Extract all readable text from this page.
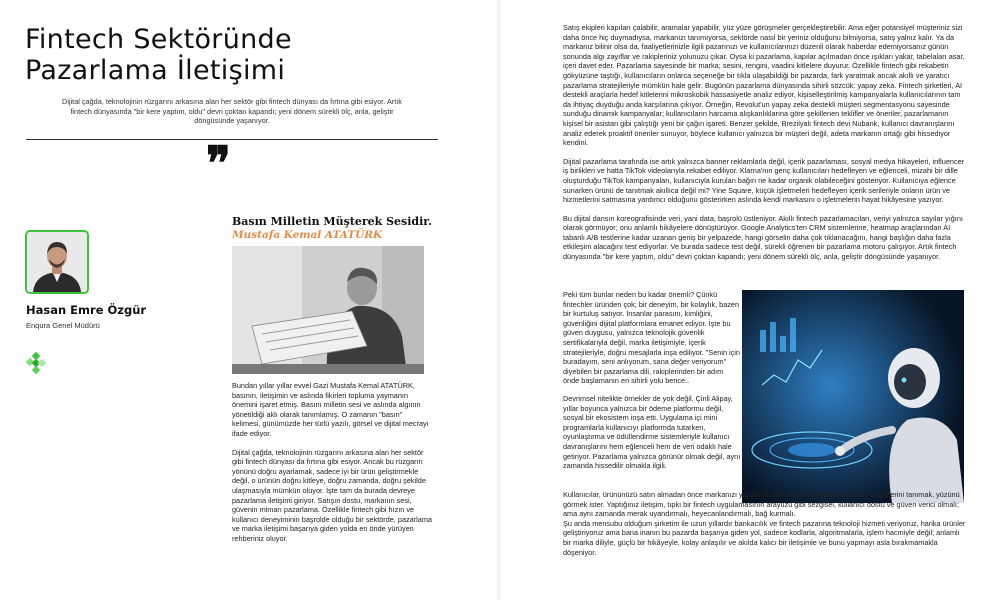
Fintech Sektöründe
Pazarlama İletişimi

Dijital çağda, teknolojinin rüzgarını arkasına alan her sektör gibi fintech dünyası da fırtına gibi esiyor. Artık fintech dünyasında "bir kere yaptım, oldu" devri çoktan kapandı; yeni dönem sürekli ölç, anla, geliştir döngüsünde yaşanıyor.

❞

Hasan Emre Özgür

Enqura Genel Müdürü

Basın Milletin Müşterek Sesidir.

Mustafa Kemal ATATÜRK

Bundan yıllar yıllar evvel Gazi Mustafa Kemal ATATÜRK, basının, iletişimin ve aslında fikirleri topluma yaymanın önemini işaret etmiş. Basını milletin sesi ve aslında algının yönetildiği aklı olarak tanımlamış. O zamanın "basın" kelimesi, günümüzde her türlü yazılı, görsel ve dijital mecrayı ifade ediyor.

Dijital çağda, teknolojinin rüzgarını arkasına alan her sektör gibi fintech dünyası da fırtına gibi esiyor. Ancak bu rüzgarın yönünü doğru ayarlamak, sadece iyi bir ürün geliştirmekle değil, o ürünün doğru kitleye, doğru zamanda, doğru şekilde ulaşmasıyla mümkün oluyor. İşte tam da burada devreye pazarlama iletişimi giriyor. Satışın dostu, markanın sesi, güvenin mimarı pazarlama. Özellikle fintech gibi hızın ve kullanıcı deneyiminin başrolde olduğu bir sektörde, pazarlama ve marka iletişimi başarıya giden yolda en önde yürüyen rehberiniz oluyor.

Satış ekipleri kapıları çalabilir, aramalar yapabilir, yüz yüze görüşmeler gerçekleştirebilir. Ama eğer potansiyel müşteriniz sizi daha önce hiç duymadıysa, markanızı tanımıyorsa, sektörde nasıl bir yeriniz olduğunu bilmiyorsa, satış yalnız kalır. Ya da markanız bilinir olsa da, faaliyetlerinizle ilgili pazarınızı ve kullanıcılarınızı düzenli olarak haberdar edemiyorsanız günün sonunda algı zayıflar ve rakipleriniz yolunuzu çıkar. Oysa ki pazarlama, kapılar açılmadan önce ışıkları yakar, tabelaları asar, içeri davet eder. Pazarlama sayesinde bir marka; sesini, rengini, vaadini kitlelere duyurur. Özellikle fintech gibi rekabetin gökyüzüne taştığı, kullanıcıların onlarca seçeneğe bir tıkla ulaşabildiği bir pazarda, fark yaratmak ancak akıllı ve yaratıcı pazarlama stratejileriyle mümkün hale gelir. Bugünün pazarlama dünyasında sihirli sözcük: yapay zeka. Fintech şirketleri, AI destekli araçlarla hedef kitlelerini mikroskobik hassasiyetle analiz ediyor, kişiselleştirilmiş kampanyalarla kullanıcılarının tam da ihtiyaç duyduğu anda karşılarına çıkıyor. Örneğin, Revolut'un yapay zeka destekli müşteri segmentasyonu sayesinde sunduğu dinamik kampanyalar; kullanıcıların harcama alışkanlıklarına göre şekillenen teklifler ve öneriler, pazarlamanın kişisel bir asistan gibi çalıştığı yeni bir çağın işareti. Benzer şekilde, Brezilyalı fintech devi Nubank, kullanıcı davranışlarını analiz ederek proaktif öneriler sunuyor, böylece kullanıcı yalnızca bir müşteri değil, adeta markanın ortağı gibi hissediyor kendini.

Dijital pazarlama tarafında ise artık yalnızca banner reklamlarla değil, içerik pazarlaması, sosyal medya hikayeleri, influencer iş birlikleri ve hatta TikTok videolarıyla rekabet ediliyor. Klarna'nın genç kullanıcıları hedefleyen ve eğlenceli, mizahi bir dille oluşturduğu TikTok kampanyaları, kullanıcıyla kurulan bağın ne kadar organik olabileceğini gösteriyor. Kullanıcıya eğlence sunarken ürünü de tanıtmak akıllıca değil mi? Yine Square, küçük işletmeleri hedefleyen içerik serileriyle onların ürün ve hizmetlerini satmasına yardımcı olduğunu gösterirken aslında kendi markasını o işletmelerin hayat hikâyesine yazıyor.

Bu dijital dansın koreografisinde veri, yani data, başrolü üstleniyor. Akıllı fintech pazarlamacıları, veriyi yalnızca sayılar yığını olarak görmüyor; onu anlamlı hikâyelere dönüştürüyor. Google Analytics'ten CRM sistemlerine, heatmap araçlarından AI tabanlı A/B testlerine kadar uzanan geniş bir yelpazede, hangi görselin daha çok tıklanacağını, hangi başlığın daha fazla etkileşim alacağını test ediyorlar. Ve burada sadece test değil, sürekli öğrenen bir pazarlama motoru çalışıyor. Artık fintech dünyasında "bir kere yaptım, oldu" devri çoktan kapandı; yeni dönem sürekli ölç, anla, geliştir döngüsünde yaşanıyor.

Peki tüm bunlar neden bu kadar önemli? Çünkü fintechler üründen çok; bir deneyim, bir kolaylık, bazen bir kurtuluş satıyor. İnsanlar parasını, kimliğini, güvenliğini dijital platformlara emanet ediyor. İşte bu güven duygusu, yalnızca teknolojik güvenlik sertifikalarıyla değil, marka iletişimiyle, içerik stratejileriyle, doğru mesajlarla inşa ediliyor. "Senin için buradayım, seni anlıyorum, sana değer veriyorum" diyebilen bir pazarlama dili, rakiplerinden bir adım önde başlamanın en sihirli yolu bence..

Devrimsel nitelikte örnekler de yok değil. Çinli Alipay, yıllar boyunca yalnızca bir ödeme platformu değil, sosyal bir ekosistem inşa etti. Uygulama içi mini programlarla kullanıcıyı platformda tutarken, oyunlaştırma ve ödüllendirme sistemleriyle kullanıcı davranışlarını hem eğlenceli hem de veri odaklı hale getiriyor. Pazarlama yalnızca görünür olmak değil, aynı zamanda hissedilir olmakla ilgili.

Kullanıcılar, ürününüzü satın almadan önce markanızı yaşamak ister; onun hikâyesini duymak, değerlerini tanımak, yüzünü görmek ister. Yaptığınız iletişim, tıpkı bir fintech uygulamasının arayüzü gibi sezgisel, kullanıcı dostu ve güven verici olmalı; ama aynı zamanda merak uyandırmalı, heyecanlandırmalı, bağ kurmalı.

Şu anda mensubu olduğum şirketim ile uzun yıllardır bankacılık ve fintech pazarına teknoloji hizmeti veriyoruz, harika ürünler geliştiriyoruz ama bana inanın bu pazarda başarıya giden yol, sadece kodlarla, algoritmalarla, işlem hacmiyle değil; anlamlı bir marka diliyle, güçlü bir hikâyeyle, kolay anlaşılır ve akılda kalıcı bir iletişimle ve bunu yapmayı asla bırakmamakla döşeniyor.
